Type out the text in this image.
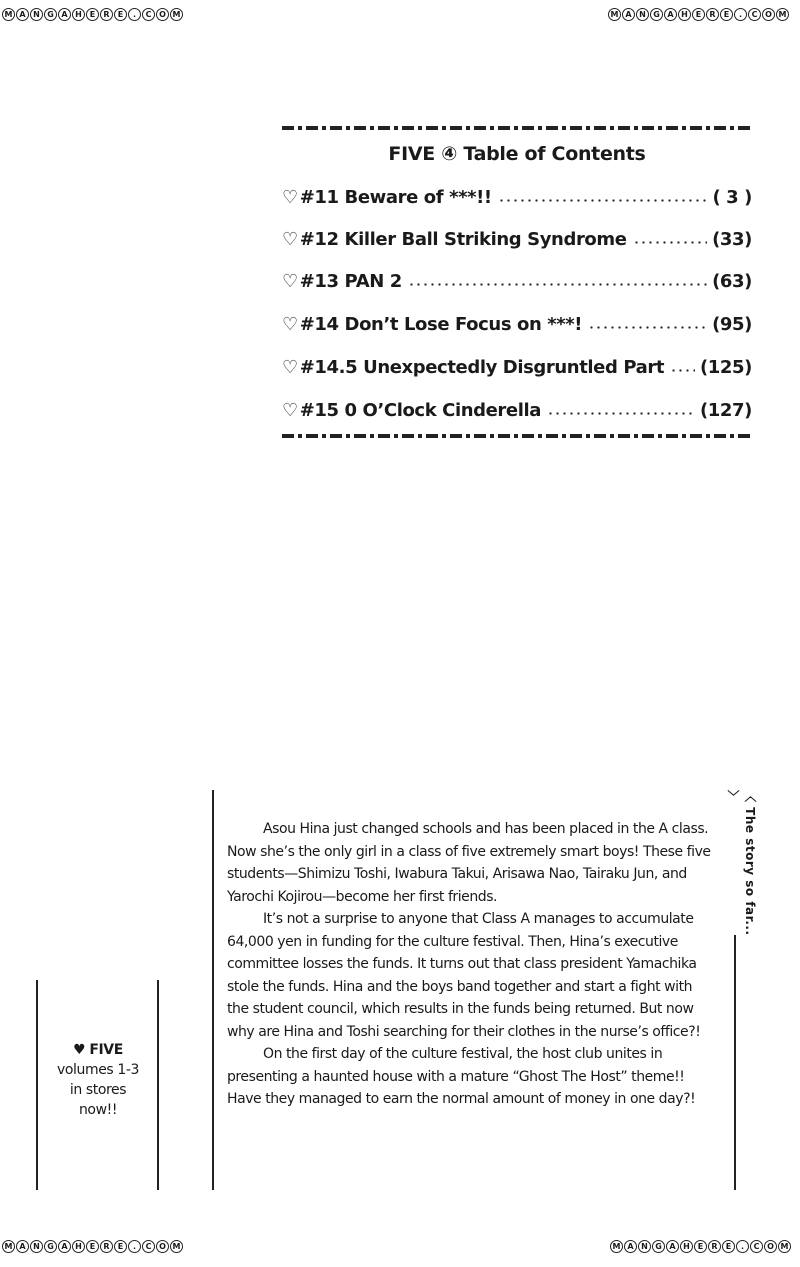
M A N G A H E	R	E	.	C O M	M A N G A H E	R	E	.	C O M
M A N G A H E	R	E	.	C O M	M A N G A H E	R	E	.	C O M
FIVE ④ Table of Contents
♡ #11 Beware of ***!!	( 3 )
♡ #12 Killer Ball Striking Syndrome	(33)
♡ #13 PAN 2	(63)
♡ #14 Don’t Lose Focus on ***!	(95)
♡ #14.5 Unexpectedly Disgruntled Part (125)
♡ #15 0 O’Clock Cinderella	(127)

Asou Hina just changed schools and has been placed in the A class. Now she’s the only girl in a class of five extremely smart boys! These five students—Shimizu Toshi, Iwabura Takui, Arisawa Nao, Tairaku Jun, and Yarochi Kojirou—become her first friends.

It’s not a surprise to anyone that Class A manages to accumulate 64,000 yen in funding for the culture festival. Then, Hina’s executive committee losses the funds. It turns out that class president Yamachika stole the funds. Hina and the boys band together and start a fight with the student council, which results in the funds being returned. But now why are Hina and Toshi searching for their clothes in the nurse’s office?!

On the first day of the culture festival, the host club unites in presenting a haunted house with a mature “Ghost The Host” theme!! Have they managed to earn the normal amount of money in one day?!

〈 The story so far... 〉
♥ FIVE
volumes 1-3
in stores
now!!
